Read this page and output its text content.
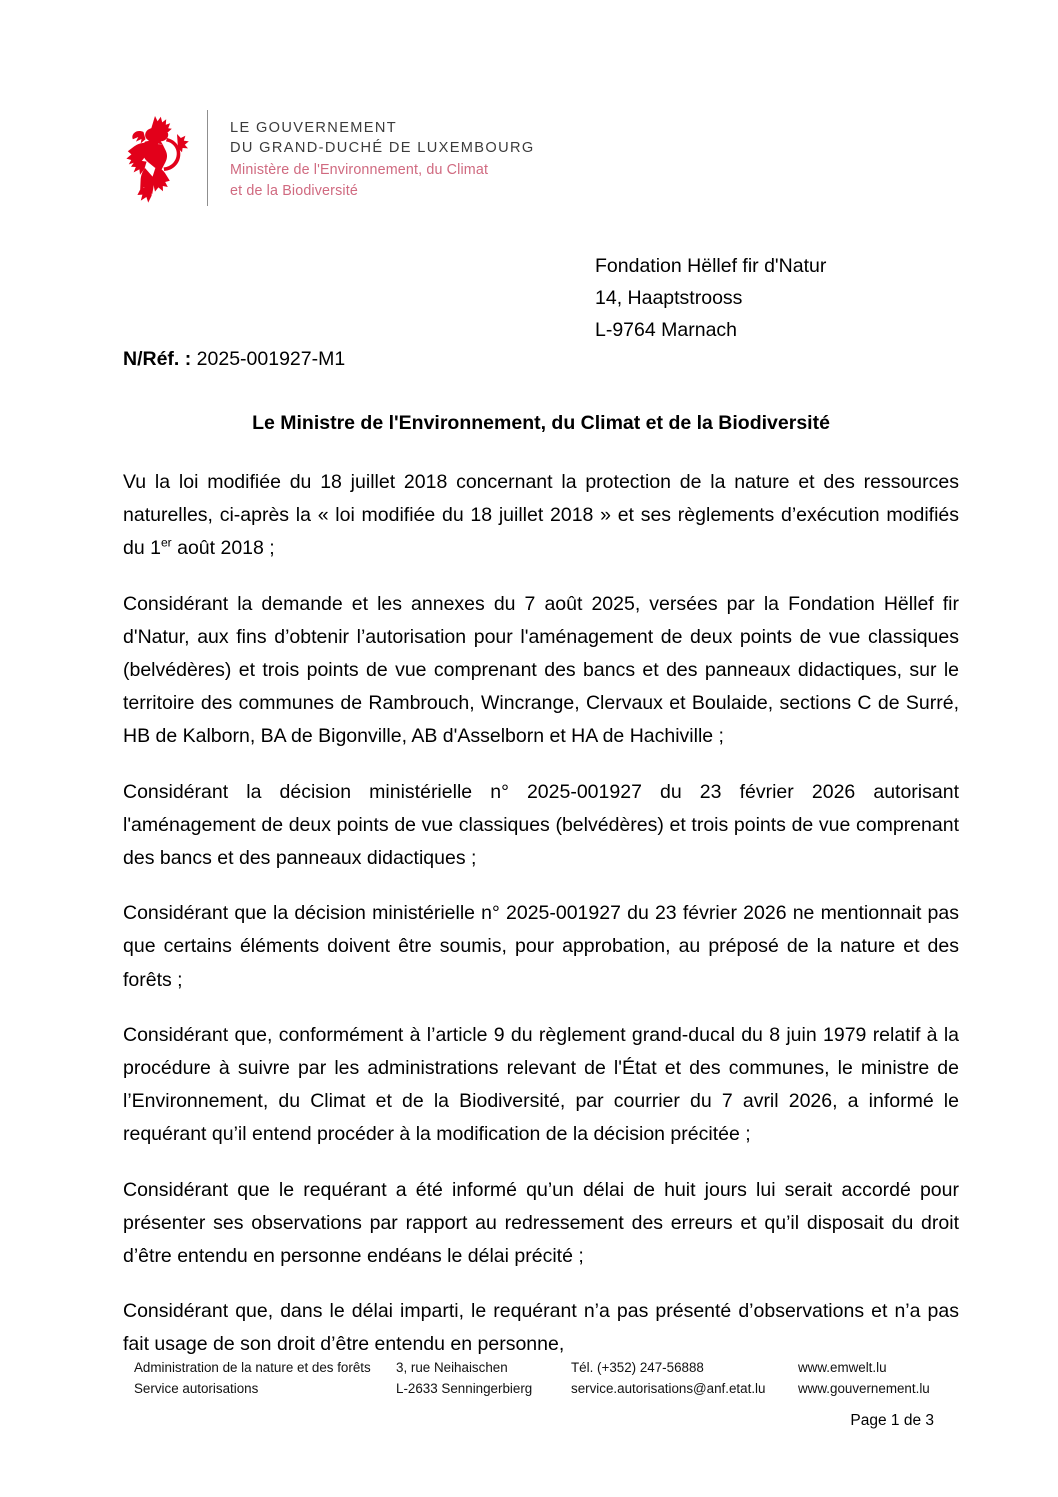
LE GOUVERNEMENT
DU GRAND-DUCHÉ DE LUXEMBOURG
Ministère de l'Environnement, du Climat
et de la Biodiversité
Fondation Hëllef fir d'Natur
14, Haaptstrooss
L-9764 Marnach
N/Réf. : 2025-001927-M1
Le Ministre de l'Environnement, du Climat et de la Biodiversité

Vu la loi modifiée du 18 juillet 2018 concernant la protection de la nature et des ressources naturelles, ci-après la « loi modifiée du 18 juillet 2018 » et ses règlements d’exécution modifiés du 1er août 2018 ;

Considérant la demande et les annexes du 7 août 2025, versées par la Fondation Hëllef fir d'Natur, aux fins d’obtenir l’autorisation pour l'aménagement de deux points de vue classiques (belvédères) et trois points de vue comprenant des bancs et des panneaux didactiques, sur le territoire des communes de Rambrouch, Wincrange, Clervaux et Boulaide, sections C de Surré, HB de Kalborn, BA de Bigonville, AB d'Asselborn et HA de Hachiville ;

Considérant la décision ministérielle n° 2025-001927 du 23 février 2026 autorisant l'aménagement de deux points de vue classiques (belvédères) et trois points de vue comprenant des bancs et des panneaux didactiques ;

Considérant que la décision ministérielle n° 2025-001927 du 23 février 2026 ne mentionnait pas que certains éléments doivent être soumis, pour approbation, au préposé de la nature et des forêts ;

Considérant que, conformément à l’article 9 du règlement grand-ducal du 8 juin 1979 relatif à la procédure à suivre par les administrations relevant de l'État et des communes, le ministre de l’Environnement, du Climat et de la Biodiversité, par courrier du 7 avril 2026, a informé le requérant qu’il entend procéder à la modification de la décision précitée ;

Considérant que le requérant a été informé qu’un délai de huit jours lui serait accordé pour présenter ses observations par rapport au redressement des erreurs et qu’il disposait du droit d’être entendu en personne endéans le délai précité ;

Considérant que, dans le délai imparti, le requérant n’a pas présenté d’observations et n’a pas fait usage de son droit d’être entendu en personne,

Administration de la nature et des forêts
Service autorisations
3, rue Neihaischen
L-2633 Senningerbierg
Tél. (+352) 247-56888
service.autorisations@anf.etat.lu
www.emwelt.lu
www.gouvernement.lu
Page 1 de 3
